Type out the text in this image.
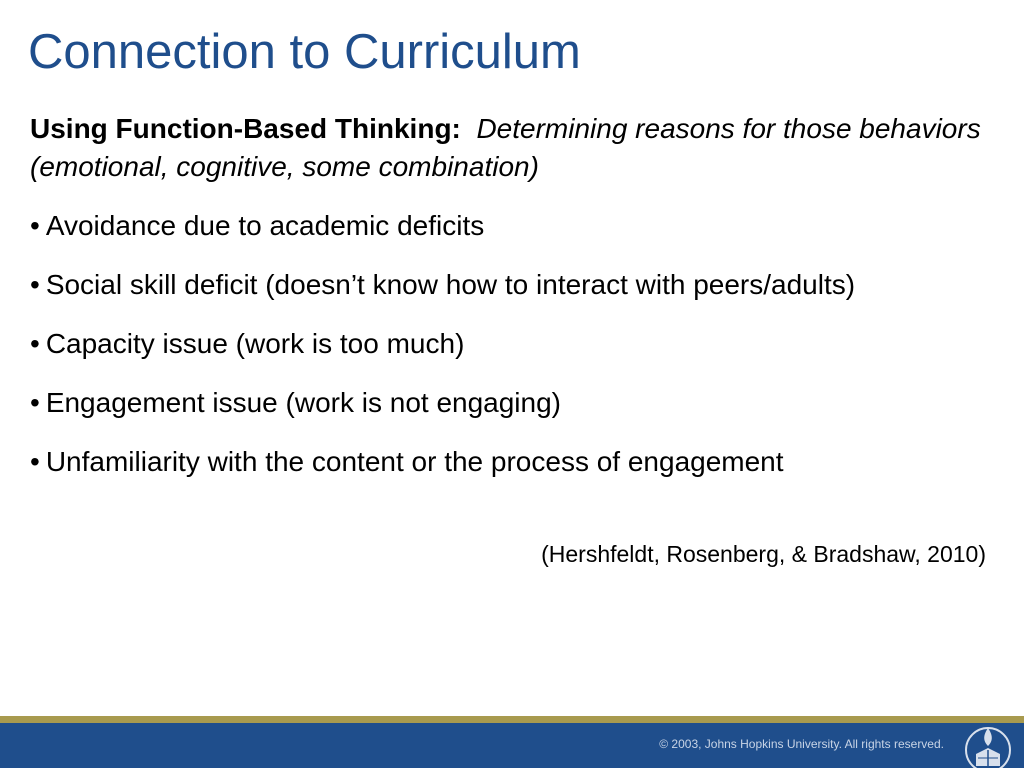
Connection to Curriculum
Using Function-Based Thinking: Determining reasons for those behaviors (emotional, cognitive, some combination)
• Avoidance due to academic deficits
• Social skill deficit (doesn’t know how to interact with peers/adults)
• Capacity issue (work is too much)
• Engagement issue (work is not engaging)
• Unfamiliarity with the content or the process of engagement
(Hershfeldt, Rosenberg, & Bradshaw, 2010)
© 2003, Johns Hopkins University. All rights reserved.
